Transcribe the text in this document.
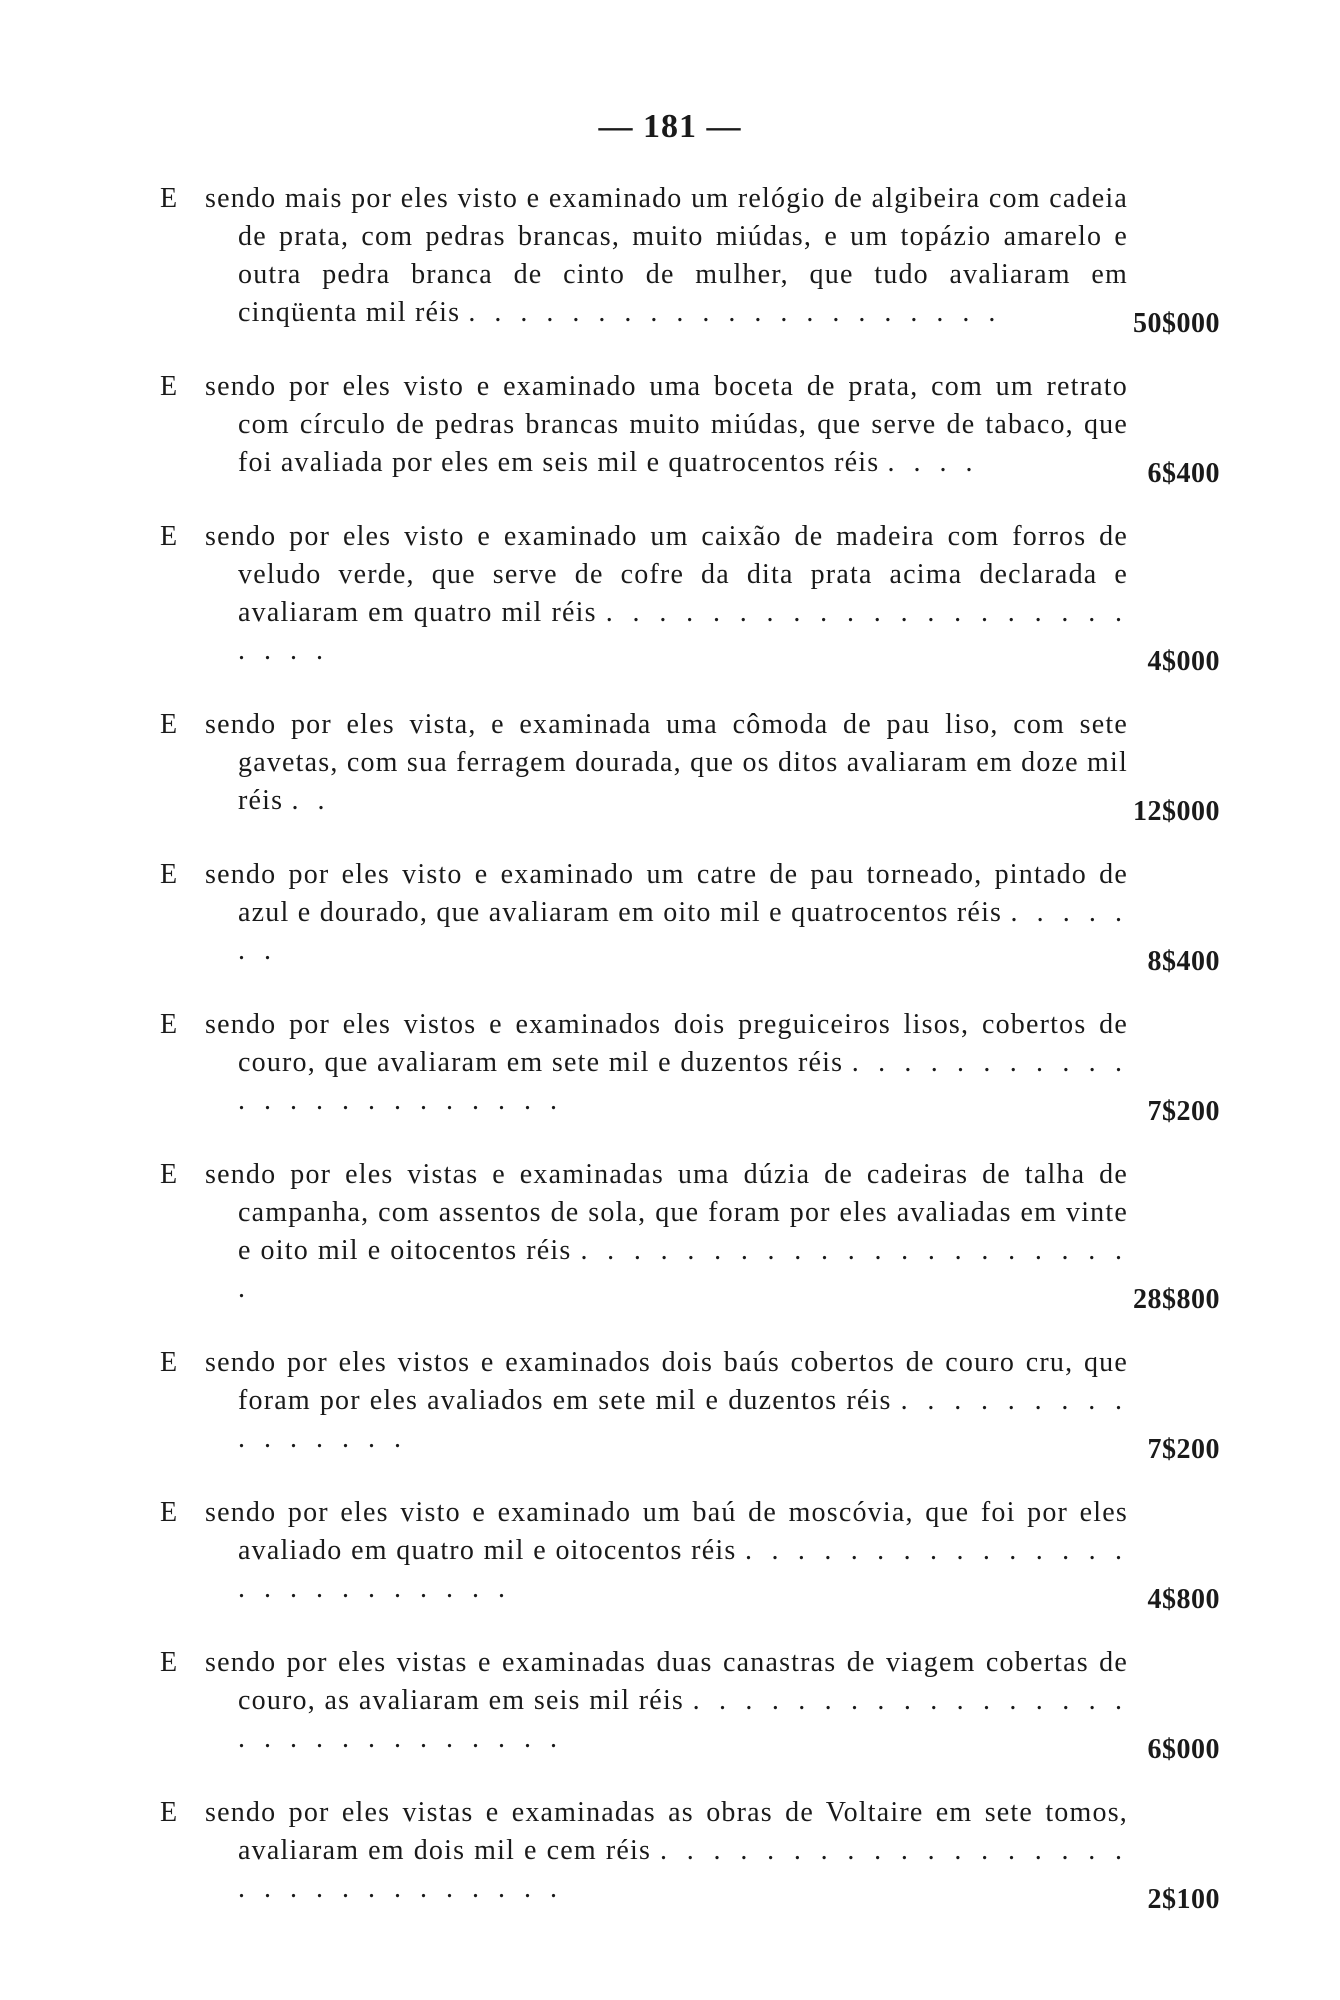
— 181 —

E sendo mais por eles visto e examinado um relógio de algibeira com cadeia de prata, com pedras brancas, muito miúdas, e um topázio amarelo e outra pedra branca de cinto de mulher, que tudo avaliaram em cinqüenta mil réis . . . . . . . . . . . . . . . . . . . . .	50$000

E sendo por eles visto e examinado uma boceta de prata, com um retrato com círculo de pedras brancas muito miúdas, que serve de tabaco, que foi avaliada por eles em seis mil e quatrocentos réis . . . .	6$400

E sendo por eles visto e examinado um caixão de madeira com forros de veludo verde, que serve de cofre da dita prata acima declarada e avaliaram em quatro mil réis . . . . . . . . . . . . . . . . . . . . . . . .	4$000

E sendo por eles vista, e examinada uma cômoda de pau liso, com sete gavetas, com sua ferragem dourada, que os ditos avaliaram em doze mil réis . .	12$000

E sendo por eles visto e examinado um catre de pau torneado, pintado de azul e dourado, que avaliaram em oito mil e quatrocentos réis . . . . . . .	8$400

E sendo por eles vistos e examinados dois preguiceiros lisos, cobertos de couro, que avaliaram em sete mil e duzentos réis . . . . . . . . . . . . . . . . . . . . . . . .	7$200

E sendo por eles vistas e examinadas uma dúzia de cadeiras de talha de campanha, com assentos de sola, que foram por eles avaliadas em vinte e oito mil e oitocentos réis . . . . . . . . . . . . . . . . . . . . . .	28$800

E sendo por eles vistos e examinados dois baús cobertos de couro cru, que foram por eles avaliados em sete mil e duzentos réis . . . . . . . . . . . . . . . .	7$200

E sendo por eles visto e examinado um baú de moscóvia, que foi por eles avaliado em quatro mil e oitocentos réis . . . . . . . . . . . . . . . . . . . . . . . . . .	4$800

E sendo por eles vistas e examinadas duas canastras de viagem cobertas de couro, as avaliaram em seis mil réis . . . . . . . . . . . . . . . . . . . . . . . . . . . . . .	6$000

E sendo por eles vistas e examinadas as obras de Voltaire em sete tomos, avaliaram em dois mil e cem réis . . . . . . . . . . . . . . . . . . . . . . . . . . . . . . .	2$100
